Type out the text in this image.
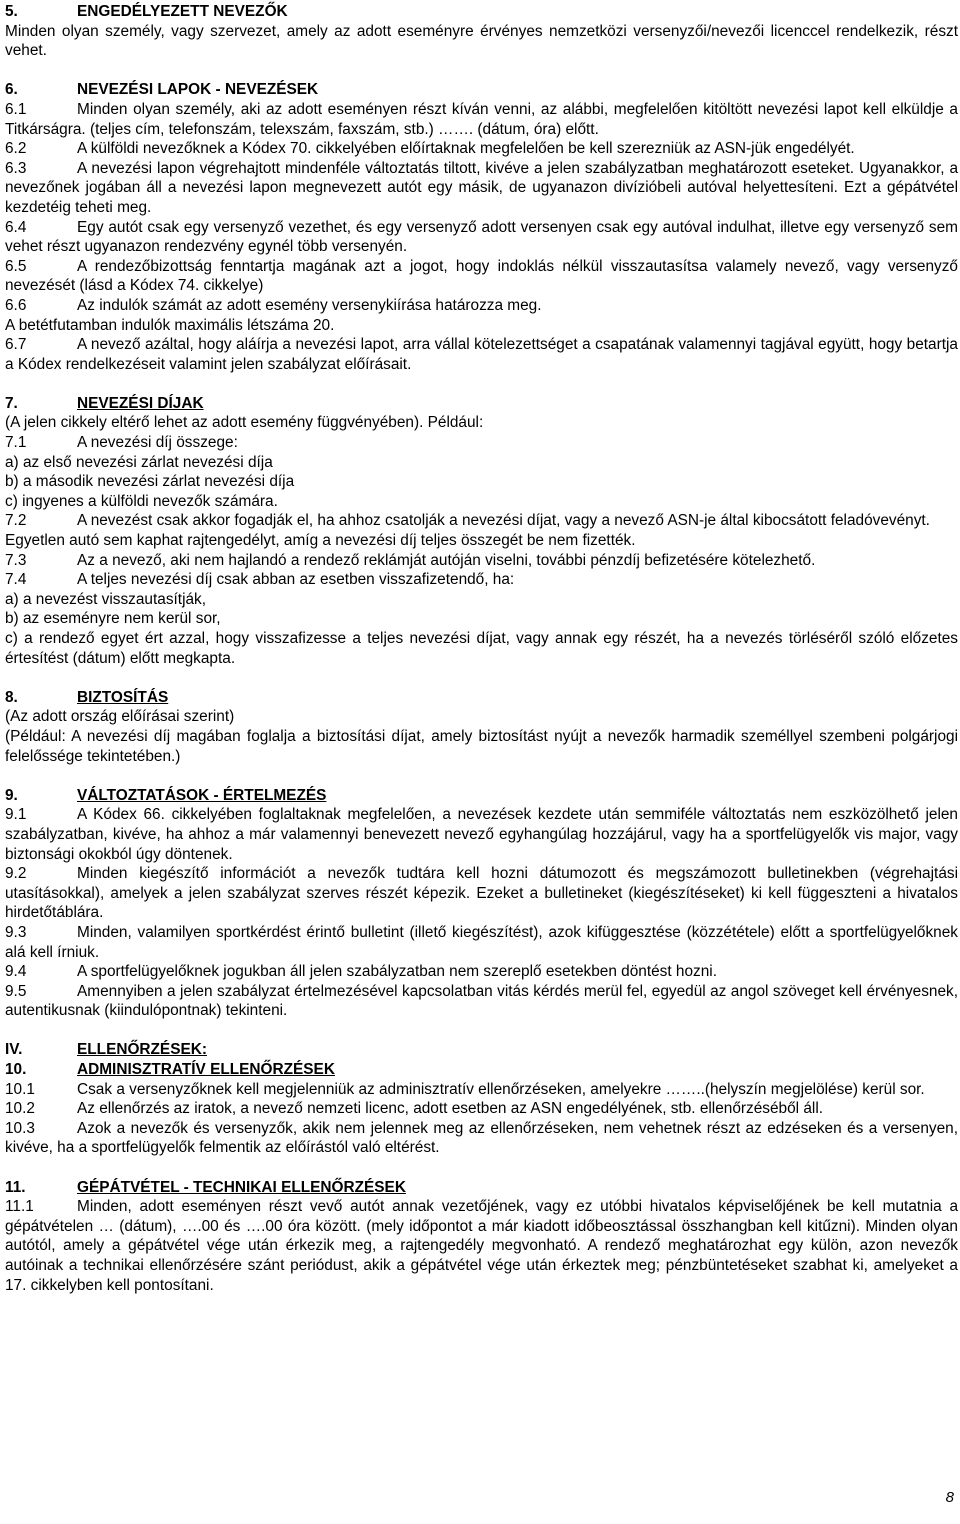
5.	ENGEDÉLYEZETT NEVEZŐK

Minden olyan személy, vagy szervezet, amely az adott eseményre érvényes nemzetközi versenyzői/nevezői licenccel rendelkezik, részt vehet.

6.	NEVEZÉSI LAPOK - NEVEZÉSEK

6.1	Minden olyan személy, aki az adott eseményen részt kíván venni, az alábbi, megfelelően kitöltött nevezési lapot kell elküldje a Titkárságra. (teljes cím, telefonszám, telexszám, faxszám, stb.) ……. (dátum, óra) előtt.

6.2	A külföldi nevezőknek a Kódex 70. cikkelyében előírtaknak megfelelően be kell szerezniük az ASN-jük engedélyét.

6.3	A nevezési lapon végrehajtott mindenféle változtatás tiltott, kivéve a jelen szabályzatban meghatározott eseteket. Ugyanakkor, a nevezőnek jogában áll a nevezési lapon megnevezett autót egy másik, de ugyanazon divízióbeli autóval helyettesíteni. Ezt a gépátvétel kezdetéig teheti meg.

6.4	Egy autót csak egy versenyző vezethet, és egy versenyző adott versenyen csak egy autóval indulhat, illetve egy versenyző sem vehet részt ugyanazon rendezvény egynél több versenyén.

6.5	A rendezőbizottság fenntartja magának azt a jogot, hogy indoklás nélkül visszautasítsa valamely nevező, vagy versenyző nevezését (lásd a Kódex 74. cikkelye)

6.6	Az indulók számát az adott esemény versenykiírása határozza meg.

A betétfutamban indulók maximális létszáma 20.

6.7	A nevező azáltal, hogy aláírja a nevezési lapot, arra vállal kötelezettséget a csapatának valamennyi tagjával együtt, hogy betartja a Kódex rendelkezéseit valamint jelen szabályzat előírásait.

7.	NEVEZÉSI DÍJAK

(A jelen cikkely eltérő lehet az adott esemény függvényében). Például:

7.1	A nevezési díj összege:

a) az első nevezési zárlat nevezési díja

b) a második nevezési zárlat nevezési díja

c) ingyenes a külföldi nevezők számára.

7.2	A nevezést csak akkor fogadják el, ha ahhoz csatolják a nevezési díjat, vagy a nevező ASN-je által kibocsátott feladóvevényt.

Egyetlen autó sem kaphat rajtengedélyt, amíg a nevezési díj teljes összegét be nem fizették.

7.3	Az a nevező, aki nem hajlandó a rendező reklámját autóján viselni, további pénzdíj befizetésére kötelezhető.

7.4	A teljes nevezési díj csak abban az esetben visszafizetendő, ha:

a) a nevezést visszautasítják,

b) az eseményre nem kerül sor,

c) a rendező egyet ért azzal, hogy visszafizesse a teljes nevezési díjat, vagy annak egy részét, ha a nevezés törléséről szóló előzetes értesítést (dátum) előtt megkapta.

8.	BIZTOSÍTÁS

(Az adott ország előírásai szerint)

(Például: A nevezési díj magában foglalja a biztosítási díjat, amely biztosítást nyújt a nevezők harmadik személlyel szembeni polgárjogi felelőssége tekintetében.)

9.	VÁLTOZTATÁSOK - ÉRTELMEZÉS

9.1	A Kódex 66. cikkelyében foglaltaknak megfelelően, a nevezések kezdete után semmiféle változtatás nem eszközölhető jelen szabályzatban, kivéve, ha ahhoz a már valamennyi benevezett nevező egyhangúlag hozzájárul, vagy ha a sportfelügyelők vis major, vagy biztonsági okokból úgy döntenek.

9.2	Minden kiegészítő információt a nevezők tudtára kell hozni dátumozott és megszámozott bulletinekben (végrehajtási utasításokkal), amelyek a jelen szabályzat szerves részét képezik. Ezeket a bulletineket (kiegészítéseket) ki kell függeszteni a hivatalos hirdetőtáblára.

9.3	Minden, valamilyen sportkérdést érintő bulletint (illető kiegészítést), azok kifüggesztése (közzététele) előtt a sportfelügyelőknek alá kell írniuk.

9.4	A sportfelügyelőknek jogukban áll jelen szabályzatban nem szereplő esetekben döntést hozni.

9.5	Amennyiben a jelen szabályzat értelmezésével kapcsolatban vitás kérdés merül fel, egyedül az angol szöveget kell érvényesnek, autentikusnak (kiindulópontnak) tekinteni.

IV.	ELLENŐRZÉSEK:
10.	ADMINISZTRATÍV ELLENŐRZÉSEK

10.1	Csak a versenyzőknek kell megjelenniük az adminisztratív ellenőrzéseken, amelyekre ……..(helyszín megjelölése) kerül sor.

10.2	Az ellenőrzés az iratok, a nevező nemzeti licenc, adott esetben az ASN engedélyének, stb. ellenőrzéséből áll.

10.3	Azok a nevezők és versenyzők, akik nem jelennek meg az ellenőrzéseken, nem vehetnek részt az edzéseken és a versenyen, kivéve, ha a sportfelügyelők felmentik az előírástól való eltérést.

11.	GÉPÁTVÉTEL - TECHNIKAI ELLENŐRZÉSEK

11.1	Minden, adott eseményen részt vevő autót annak vezetőjének, vagy ez utóbbi hivatalos képviselőjének be kell mutatnia a gépátvételen … (dátum), ….00 és ….00 óra között. (mely időpontot a már kiadott időbeosztással összhangban kell kitűzni). Minden olyan autótól, amely a gépátvétel vége után érkezik meg, a rajtengedély megvonható. A rendező meghatározhat egy külön, azon nevezők autóinak a technikai ellenőrzésére szánt periódust, akik a gépátvétel vége után érkeztek meg; pénzbüntetéseket szabhat ki, amelyeket a 17. cikkelyben kell pontosítani.

8
